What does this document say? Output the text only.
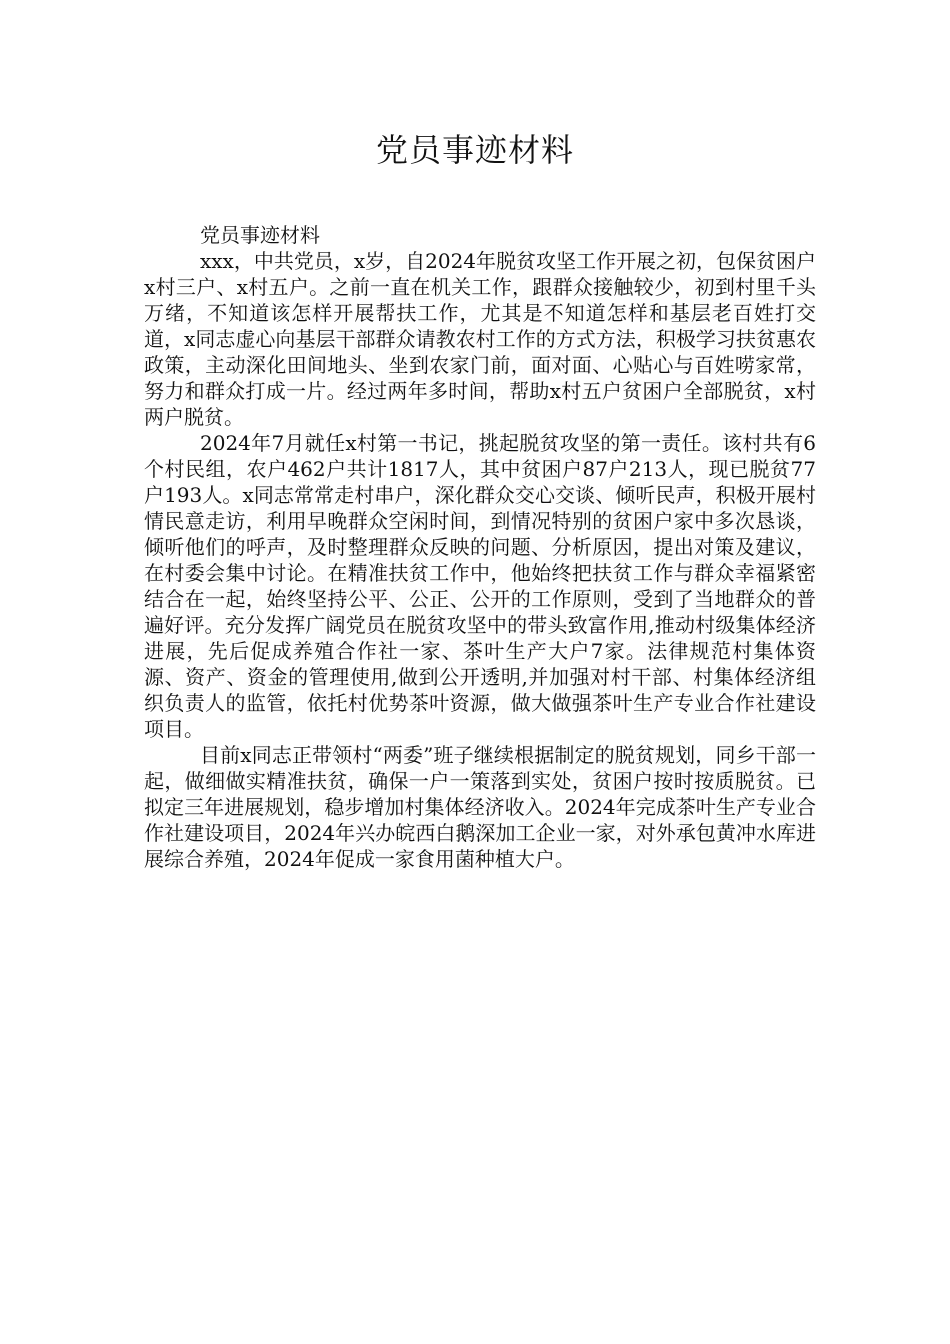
党员事迹材料

党员事迹材料

xxx，中共党员，x岁，自2024年脱贫攻坚工作开展之初，包保贫困户x村三户、x村五户。之前一直在机关工作，跟群众接触较少，初到村里千头万绪，不知道该怎样开展帮扶工作，尤其是不知道怎样和基层老百姓打交道，x同志虚心向基层干部群众请教农村工作的方式方法，积极学习扶贫惠农政策，主动深化田间地头、坐到农家门前，面对面、心贴心与百姓唠家常，努力和群众打成一片。经过两年多时间，帮助x村五户贫困户全部脱贫，x村两户脱贫。

2024年7月就任x村第一书记，挑起脱贫攻坚的第一责任。该村共有6个村民组，农户462户共计1817人，其中贫困户87户213人，现已脱贫77户193人。x同志常常走村串户，深化群众交心交谈、倾听民声，积极开展村情民意走访，利用早晚群众空闲时间，到情况特别的贫困户家中多次恳谈，倾听他们的呼声，及时整理群众反映的问题、分析原因，提出对策及建议，在村委会集中讨论。在精准扶贫工作中，他始终把扶贫工作与群众幸福紧密结合在一起，始终坚持公平、公正、公开的工作原则，受到了当地群众的普遍好评。充分发挥广阔党员在脱贫攻坚中的带头致富作用,推动村级集体经济进展，先后促成养殖合作社一家、茶叶生产大户7家。法律规范村集体资源、资产、资金的管理使用,做到公开透明,并加强对村干部、村集体经济组织负责人的监管，依托村优势茶叶资源，做大做强茶叶生产专业合作社建设项目。

目前x同志正带领村“两委”班子继续根据制定的脱贫规划，同乡干部一起，做细做实精准扶贫，确保一户一策落到实处，贫困户按时按质脱贫。已拟定三年进展规划，稳步增加村集体经济收入。2024年完成茶叶生产专业合作社建设项目，2024年兴办皖西白鹅深加工企业一家，对外承包黄冲水库进展综合养殖，2024年促成一家食用菌种植大户。
